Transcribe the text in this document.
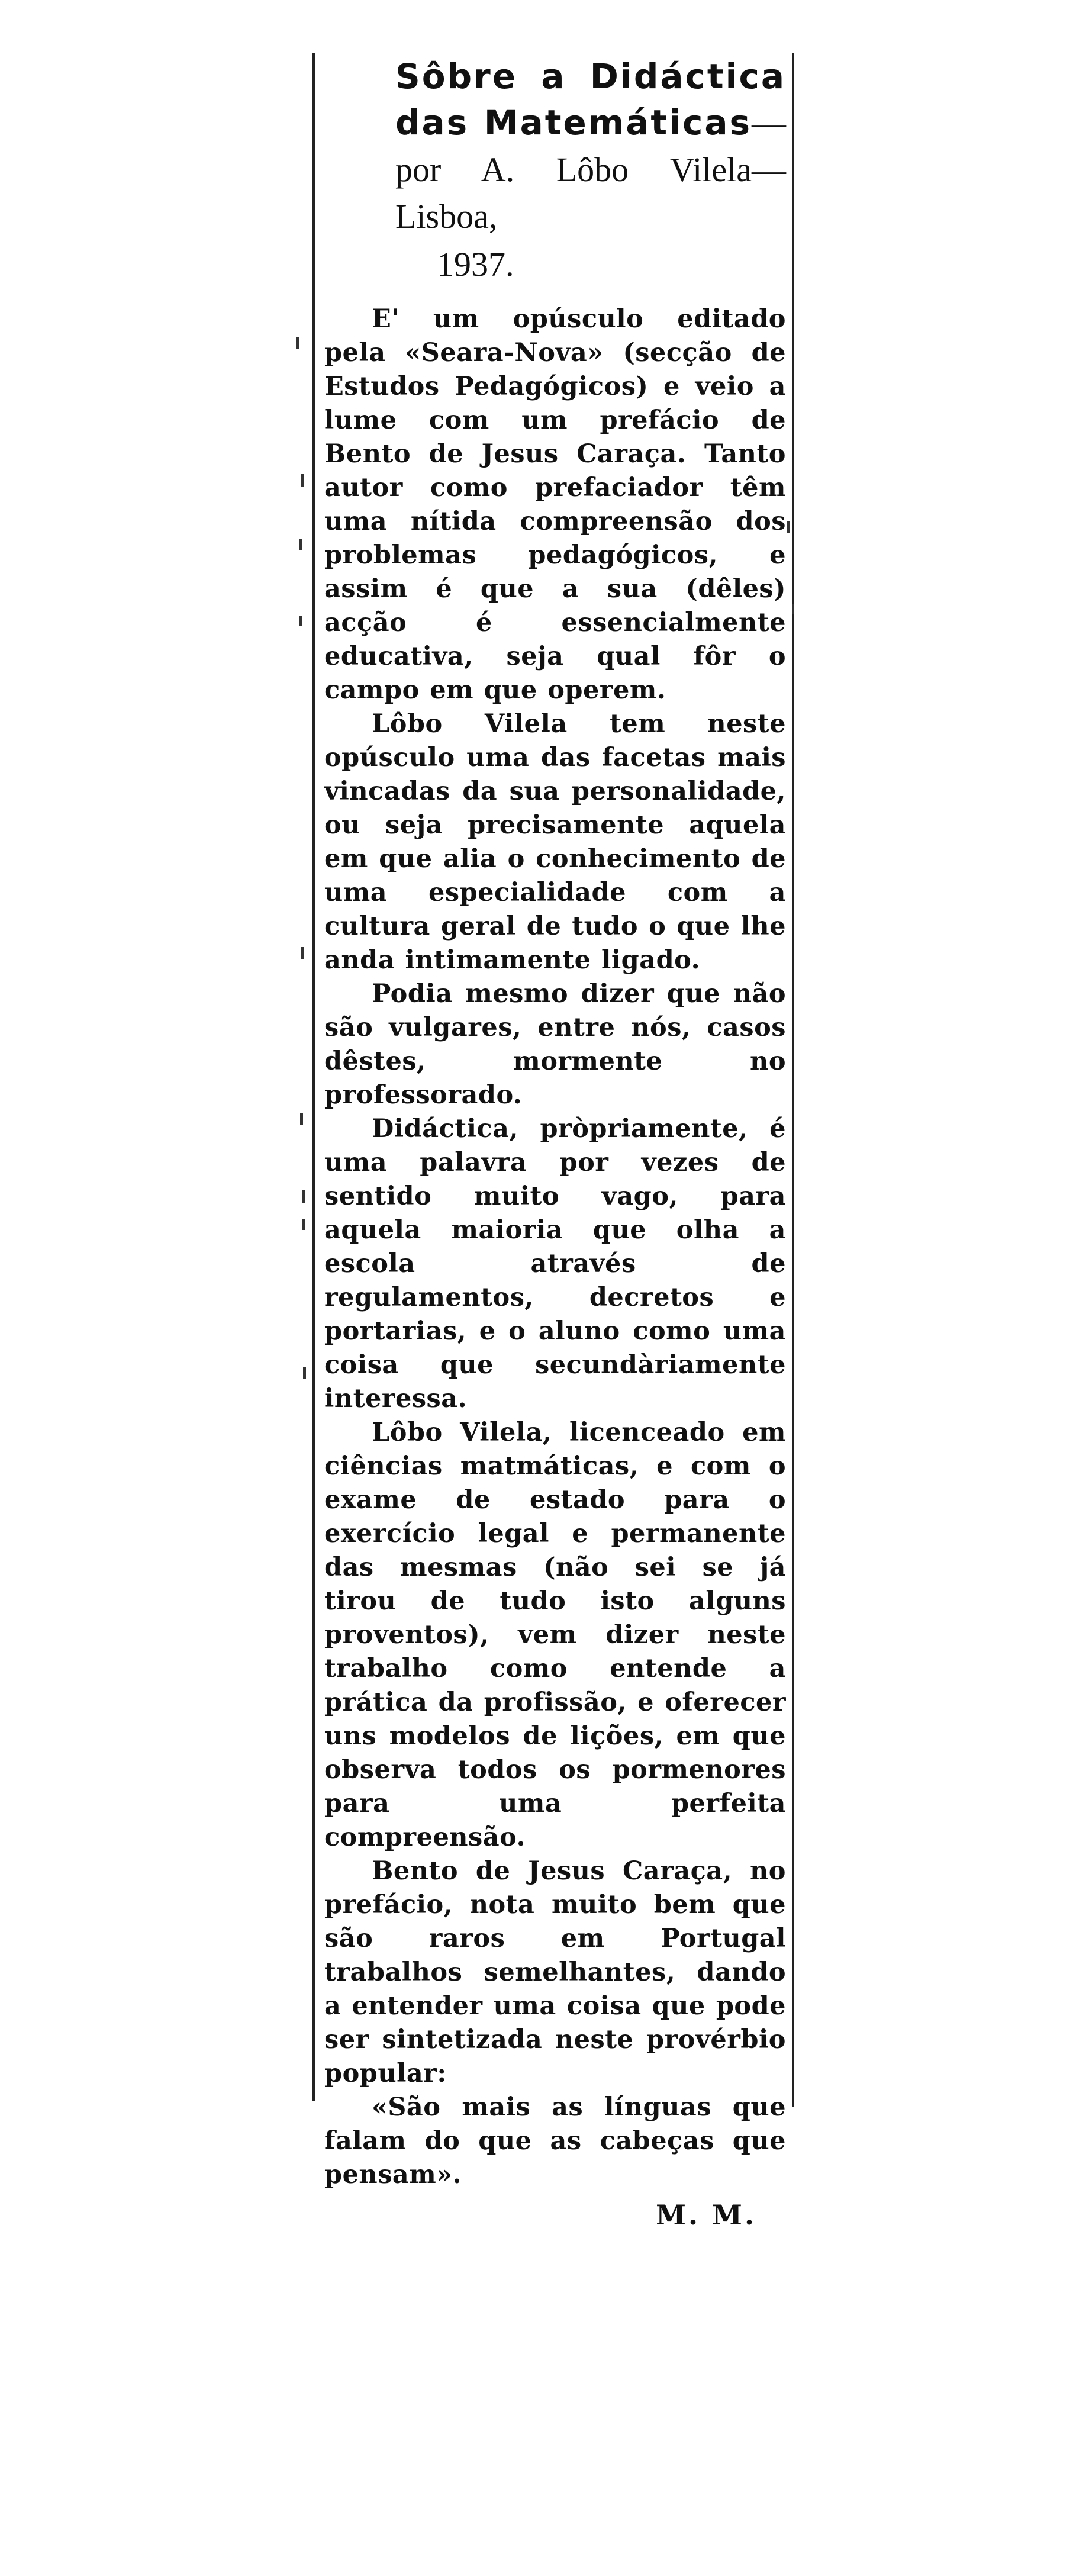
Sôbre a Didáctica das Matemáticas—por A. Lôbo Vilela—Lisboa,
1937.

E' um opúsculo editado pela «Seara-Nova» (secção de Estudos Pedagógicos) e veio a lume com um prefácio de Bento de Jesus Caraça. Tanto autor como prefaciador têm uma nítida compreensão dos problemas pedagógicos, e assim é que a sua (dêles) acção é essencialmente educativa, seja qual fôr o campo em que operem.

Lôbo Vilela tem neste opúsculo uma das facetas mais vincadas da sua personalidade, ou seja precisamente aquela em que alia o conhecimento de uma especialidade com a cultura geral de tudo o que lhe anda intimamente ligado.

Podia mesmo dizer que não são vulgares, entre nós, casos dêstes, mormente no professorado.

Didáctica, pròpriamente, é uma palavra por vezes de sentido muito vago, para aquela maioria que olha a escola através de regulamentos, decretos e portarias, e o aluno como uma coisa que secundàriamente interessa.

Lôbo Vilela, licenceado em ciências matmáticas, e com o exame de estado para o exercício legal e permanente das mesmas (não sei se já tirou de tudo isto alguns proventos), vem dizer neste trabalho como entende a prática da profissão, e oferecer uns modelos de lições, em que observa todos os pormenores para uma perfeita compreensão.

Bento de Jesus Caraça, no prefácio, nota muito bem que são raros em Portugal trabalhos semelhantes, dando a entender uma coisa que pode ser sintetizada neste provérbio popular:

«São mais as línguas que falam do que as cabeças que pensam».

M. M.
